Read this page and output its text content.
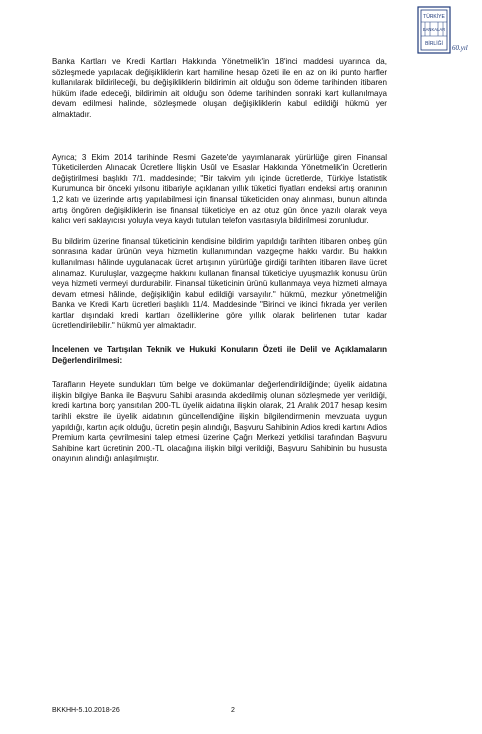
TÜRKİYE
BANKALAR
BİRLİĞİ 60.yıl

Banka Kartları ve Kredi Kartları Hakkında Yönetmelik'in 18'inci maddesi uyarınca da, sözleşmede yapılacak değişikliklerin kart hamiline hesap özeti ile en az on iki punto harfler kullanılarak bildirileceği, bu değişikliklerin bildirimin ait olduğu son ödeme tarihinden itibaren hüküm ifade edeceği, bildirimin ait olduğu son ödeme tarihinden sonraki kart kullanılmaya devam edilmesi halinde, sözleşmede oluşan değişikliklerin kabul edildiği hükmü yer almaktadır.

Ayrıca; 3 Ekim 2014 tarihinde Resmi Gazete'de yayımlanarak yürürlüğe giren Finansal Tüketicilerden Alınacak Ücretlere İlişkin Usûl ve Esaslar Hakkında Yönetmelik'in Ücretlerin değiştirilmesi başlıklı 7/1. maddesinde; "Bir takvim yılı içinde ücretlerde, Türkiye İstatistik Kurumunca bir önceki yılsonu itibariyle açıklanan yıllık tüketici fiyatları endeksi artış oranının 1,2 katı ve üzerinde artış yapılabilmesi için finansal tüketiciden onay alınması, bunun altında artış öngören değişikliklerin ise finansal tüketiciye en az otuz gün önce yazılı olarak veya kalıcı veri saklayıcısı yoluyla veya kaydı tutulan telefon vasıtasıyla bildirilmesi zorunludur.

Bu bildirim üzerine finansal tüketicinin kendisine bildirim yapıldığı tarihten itibaren onbeş gün sonrasına kadar ürünün veya hizmetin kullanımından vazgeçme hakkı vardır. Bu hakkın kullanılması hâlinde uygulanacak ücret artışının yürürlüğe girdiği tarihten itibaren ilave ücret alınamaz. Kuruluşlar, vazgeçme hakkını kullanan finansal tüketiciye uyuşmazlık konusu ürün veya hizmeti vermeyi durdurabilir. Finansal tüketicinin ürünü kullanmaya veya hizmeti almaya devam etmesi hâlinde, değişikliğin kabul edildiği varsayılır." hükmü, mezkur yönetmeliğin Banka ve Kredi Kartı ücretleri başlıklı 11/4. Maddesinde "Birinci ve ikinci fıkrada yer verilen kartlar dışındaki kredi kartları özelliklerine göre yıllık olarak belirlenen tutar kadar ücretlendirilebilir." hükmü yer almaktadır.

İncelenen ve Tartışılan Teknik ve Hukuki Konuların Özeti ile Delil ve Açıklamaların Değerlendirilmesi:

Tarafların Heyete sundukları tüm belge ve dokümanlar değerlendirildiğinde; üyelik aidatına ilişkin bilgiye Banka ile Başvuru Sahibi arasında akdedilmiş olunan sözleşmede yer verildiği, kredi kartına borç yansıtılan 200-TL üyelik aidatına ilişkin olarak, 21 Aralık 2017 hesap kesim tarihli ekstre ile üyelik aidatının güncellendiğine ilişkin bilgilendirmenin mevzuata uygun yapıldığı, kartın açık olduğu, ücretin peşin alındığı, Başvuru Sahibinin Adios kredi kartını Adios Premium karta çevrilmesini talep etmesi üzerine Çağrı Merkezi yetkilisi tarafından Başvuru Sahibine kart ücretinin 200.-TL olacağına ilişkin bilgi verildiği, Başvuru Sahibinin bu hususta onayının alındığı anlaşılmıştır.

BKKHH-5.10.2018-26	2
